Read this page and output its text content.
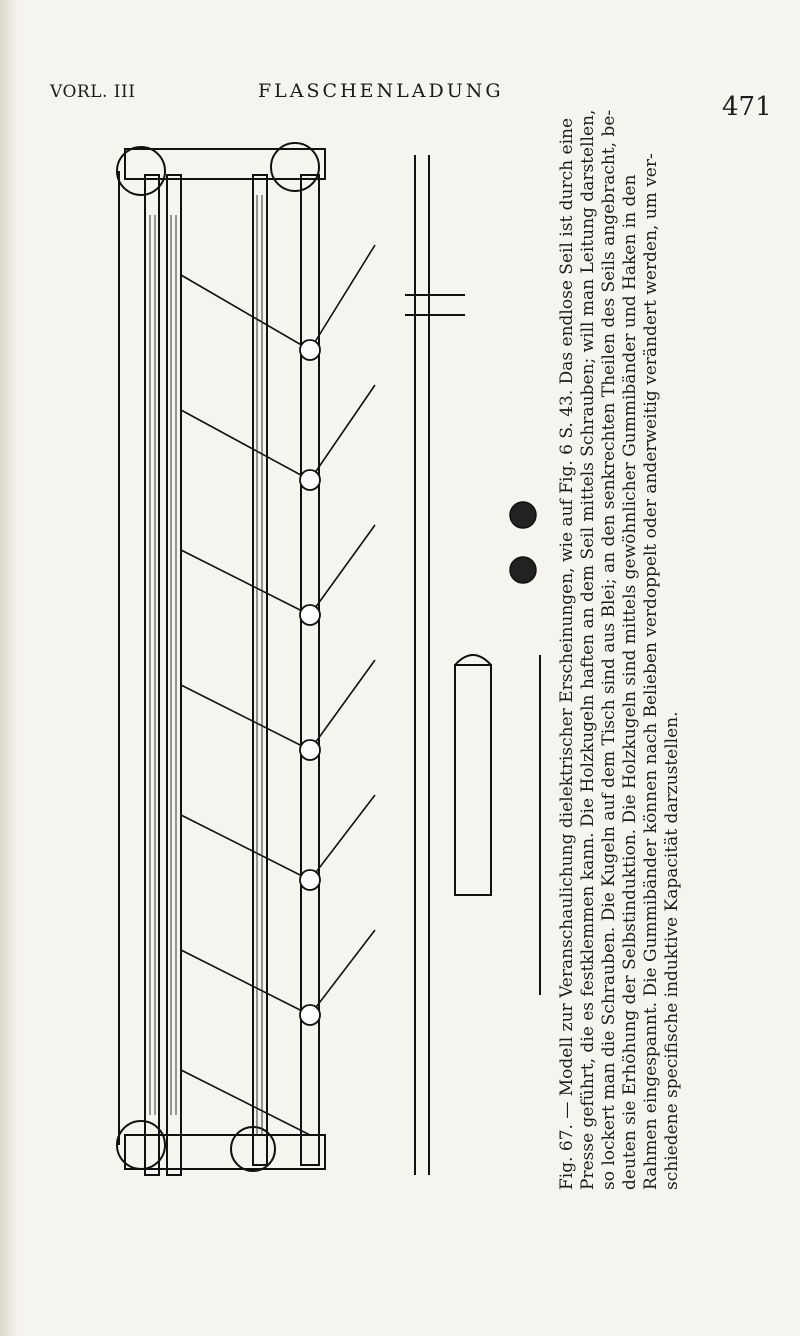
VORL. III	FLASCHENLADUNG
471

Fig. 67. — Modell zur Veranschaulichung dielektrischer Erscheinungen, wie auf Fig. 6 S. 43. Das endlose Seil ist durch eine Presse geführt, die es festklemmen kann. Die Holzkugeln haften an dem Seil mittels Schrauben; will man Leitung darstellen, so lockert man die Schrauben. Die Kugeln auf dem Tisch sind aus Blei; an den senkrechten Theilen des Seils angebracht, be- deuten sie Erhöhung der Selbstinduktion. Die Holzkugeln sind mittels gewöhnlicher Gummibänder und Haken in den Rahmen eingespannt. Die Gummibänder können nach Belieben verdoppelt oder anderweitig verändert werden, um ver- schiedene specifische induktive Kapacität darzustellen.
